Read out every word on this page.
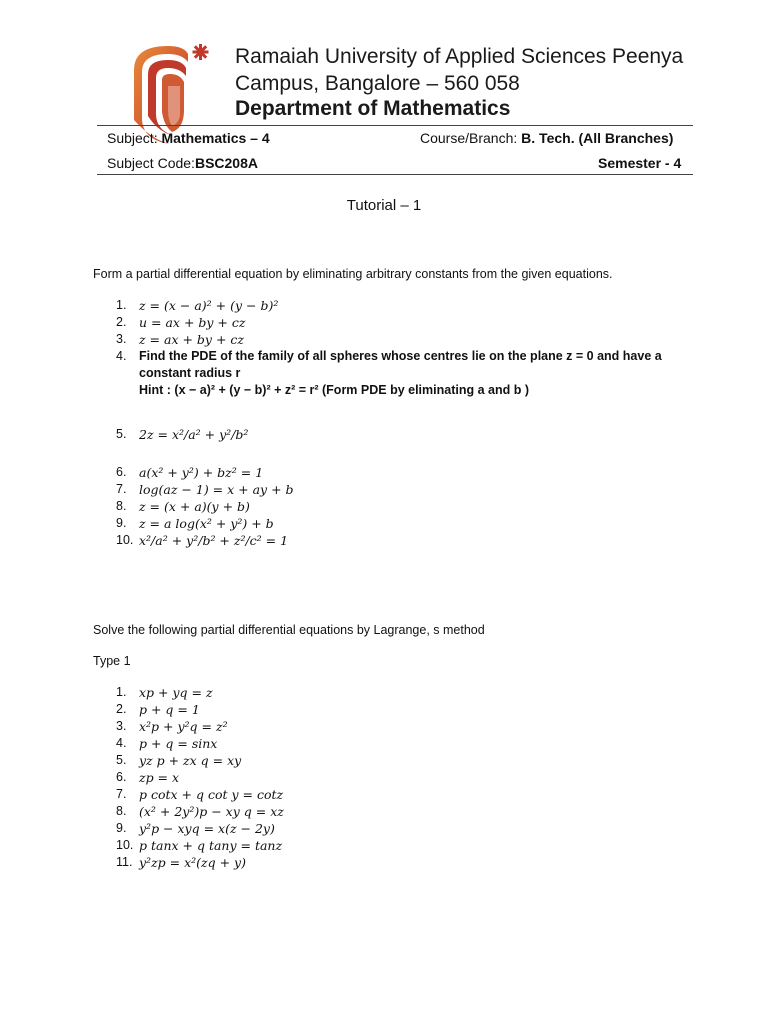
Ramaiah University of Applied Sciences Peenya
Campus, Bangalore – 560 058
Department of Mathematics
Subject: Mathematics – 4	Course/Branch: B. Tech. (All Branches)
Subject Code:BSC208A	Semester - 4
Tutorial – 1
Form a partial differential equation by eliminating arbitrary constants from the given equations.
1.	z = (x − a)² + (y − b)²
2.	u = ax + by + cz
3.	z = ax + by + cz
4.	Find the PDE of the family of all spheres whose centres lie on the plane z = 0 and have a constant radius r
Hint : (x − a)² + (y − b)² + z² = r² (Form PDE by eliminating a and b )
5.	2z = x²/a² + y²/b²
6.	a(x² + y²) + bz² = 1
7.	log(az − 1) = x + ay + b
8.	z = (x + a)(y + b)
9.	z = a log(x² + y²) + b
10. x²/a² + y²/b² + z²/c² = 1
Solve the following partial differential equations by Lagrange, s method
Type 1
1.	xp + yq = z
2.	p + q = 1
3.	x²p + y²q = z²
4.	p + q = sinx
5.	yz p + zx q = xy
6.	zp = x
7.	p cotx + q cot y = cotz
8.	(x² + 2y²)p − xy q = xz
9.	y²p − xyq = x(z − 2y)
10. p tanx + q tany = tanz
11. y²zp = x²(zq + y)
